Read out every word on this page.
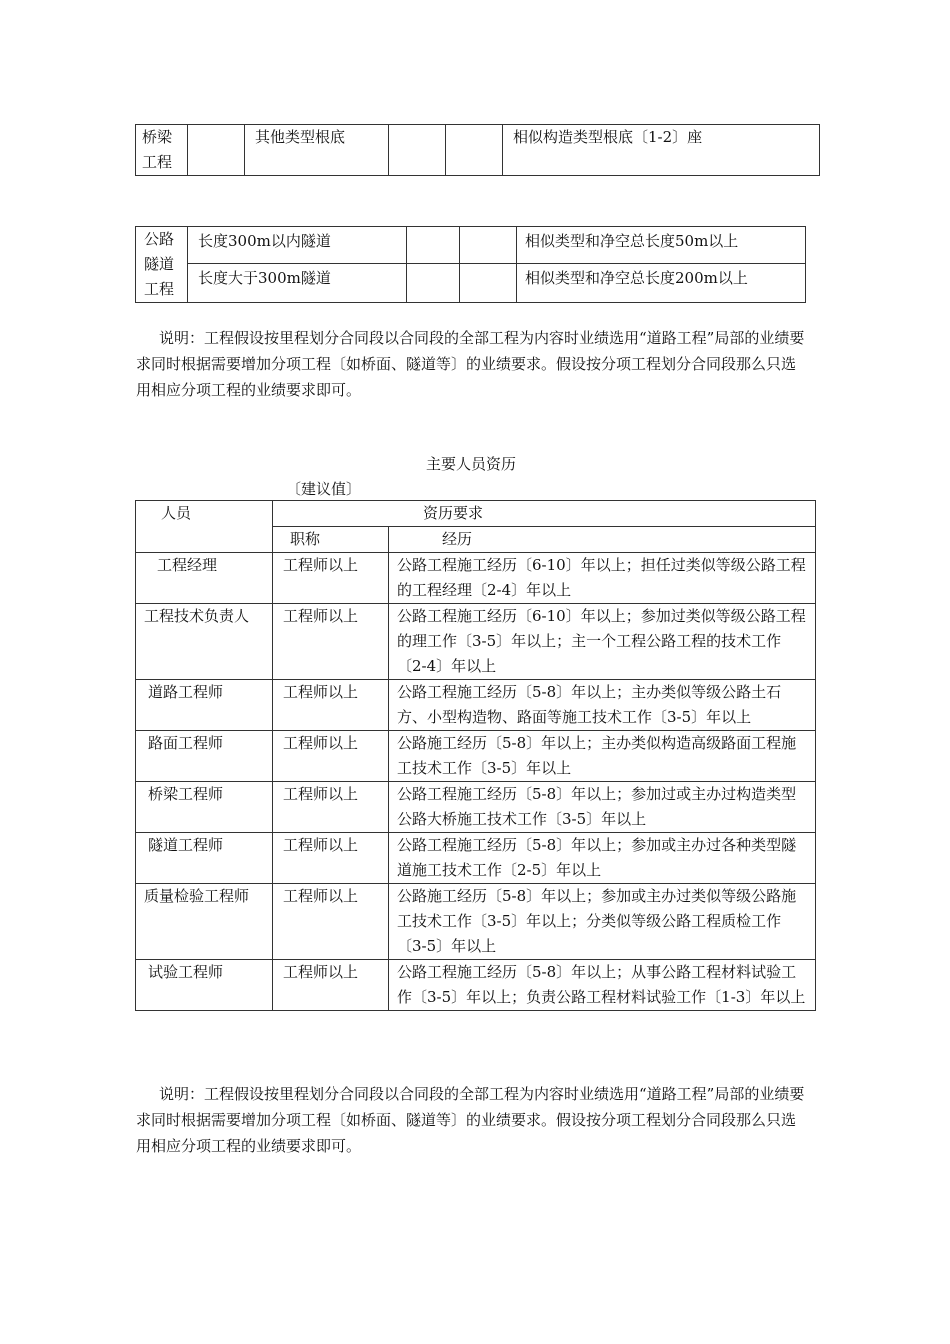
桥梁工程		其他类型根底			相似构造类型根底〔1-2〕座
公路隧道工程	长度300m以内隧道			相似类型和净空总长度50m以上
	长度大于300m隧道			相似类型和净空总长度200m以上
说明：工程假设按里程划分合同段以合同段的全部工程为内容时业绩选用“道路工程”局部的业绩要求同时根据需要增加分项工程〔如桥面、隧道等〕的业绩要求。假设按分项工程划分合同段那么只选用相应分项工程的业绩要求即可。
主要人员资历
〔建议值〕
人员	资历要求	
	职称	经历
工程经理	工程师以上	公路工程施工经历〔6-10〕年以上；担任过类似等级公路工程的工程经理〔2-4〕年以上
工程技术负责人	工程师以上	公路工程施工经历〔6-10〕年以上；参加过类似等级公路工程的理工作〔3-5〕年以上；主一个工程公路工程的技术工作〔2-4〕年以上
道路工程师	工程师以上	公路工程施工经历〔5-8〕年以上；主办类似等级公路土石方、小型构造物、路面等施工技术工作〔3-5〕年以上
路面工程师	工程师以上	公路施工经历〔5-8〕年以上；主办类似构造高级路面工程施工技术工作〔3-5〕年以上
桥梁工程师	工程师以上	公路工程施工经历〔5-8〕年以上；参加过或主办过构造类型公路大桥施工技术工作〔3-5〕年以上
隧道工程师	工程师以上	公路工程施工经历〔5-8〕年以上；参加或主办过各种类型隧道施工技术工作〔2-5〕年以上
质量检验工程师	工程师以上	公路施工经历〔5-8〕年以上；参加或主办过类似等级公路施工技术工作〔3-5〕年以上；分类似等级公路工程质检工作〔3-5〕年以上
试验工程师	工程师以上	公路工程施工经历〔5-8〕年以上；从事公路工程材料试验工作〔3-5〕年以上；负责公路工程材料试验工作〔1-3〕年以上
说明：工程假设按里程划分合同段以合同段的全部工程为内容时业绩选用“道路工程”局部的业绩要求同时根据需要增加分项工程〔如桥面、隧道等〕的业绩要求。假设按分项工程划分合同段那么只选用相应分项工程的业绩要求即可。
